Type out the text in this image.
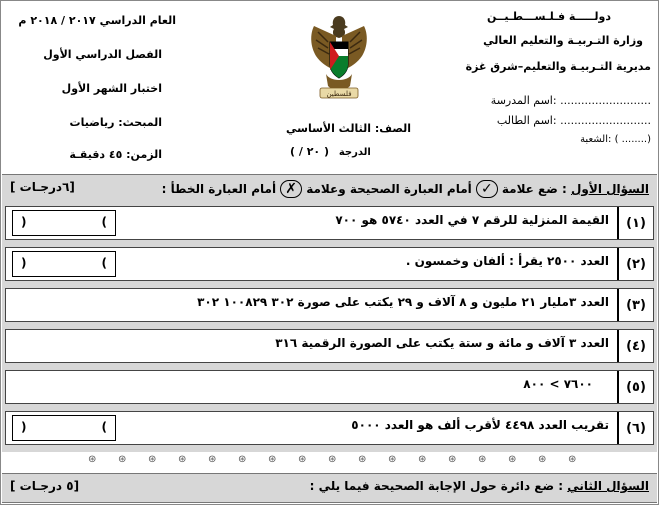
دولـــــة فـلـســـطـيــن
وزارة التـربيـة والتعليم العالي
مديرية التـربيـة والتعليم–شرق غزة
اسم المدرسة: ..........................
اسم الطالب: ..........................
الشعبة: ( ........)
فلسطين
الصف: الثالث الأساسي
( / ٢٠ ) الدرجة
العام الدراسي ٢٠١٧ / ٢٠١٨ م
الفصل الدراسي الأول
اختبار الشهر الأول
المبحث: رياضيات
الزمن: ٤٥ دقيقـة
السؤال الأول : ضع علامة ✓ أمام العبارة الصحيحة وعلامة ✗ أمام العبارة الخطأ :
[ ٦درجـات]
(١)
القيمة المنزلية للرقم ٧ في العدد ٥٧٤٠ هو ٧٠٠
)	(
(٢)
العدد ٢٥٠٠ يقرأ : ألفان وخمسون .
)	(
(٣)
العدد ٣مليار ٢١ مليون و ٨ آلاف و ٢٩ يكتب على صورة ٣٠٢ ١٠٠٨٢٩ ٣٠٢
(٤)
العدد ٣ آلاف و مائة و ستة يكتب على الصورة الرقمية ٣١٦
(٥)
٧٦٠٠ > ٨٠٠
(٦)
تقريب العدد ٤٤٩٨ لأقرب ألف هو العدد ٥٠٠٠
)	(
⊛ ⊛ ⊛ ⊛ ⊛ ⊛ ⊛ ⊛ ⊛ ⊛ ⊛ ⊛ ⊛ ⊛ ⊛ ⊛ ⊛
السؤال الثاني : ضع دائرة حول الإجابة الصحيحة فيما يلي :
[ ٥ درجـات]
